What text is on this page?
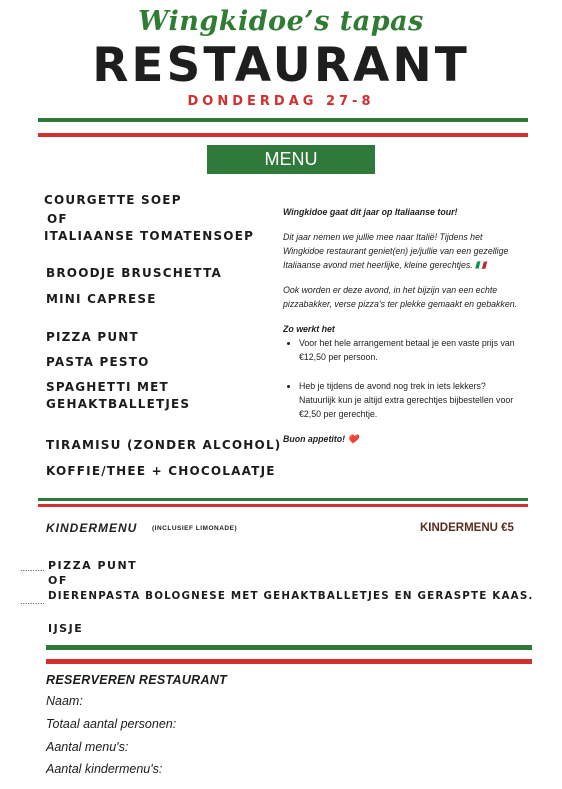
Wingkidoe’s tapas
RESTAURANT
DONDERDAG 27-8
MENU
COURGETTE SOEP
OF
ITALIAANSE TOMATENSOEP
BROODJE BRUSCHETTA
MINI CAPRESE
PIZZA PUNT
PASTA PESTO
SPAGHETTI MET
GEHAKTBALLETJES
TIRAMISU (ZONDER ALCOHOL)
KOFFIE/THEE + CHOCOLAATJE
Wingkidoe gaat dit jaar op Italiaanse tour!
Dit jaar nemen we jullie mee naar Italië! Tijdens het
Wingkidoe restaurant geniet(en) je/jullie van een gezellige
Italiaanse avond met heerlijke, kleine gerechtjes. 🇮🇹
Ook worden er deze avond, in het bijzijn van een echte
pizzabakker, verse pizza’s ter plekke gemaakt en gebakken.
Zo werkt het
• Voor het hele arrangement betaal je een vaste prijs van
€12,50 per persoon.
• Heb je tijdens de avond nog trek in iets lekkers?
Natuurlijk kun je altijd extra gerechtjes bijbestellen voor
€2,50 per gerechtje.
Buon appetito! ❤️
KINDERMENU (INCLUSIEF LIMONADE)	KINDERMENU €5
.......... PIZZA PUNT
OF
.......... DIERENPASTA BOLOGNESE MET GEHAKTBALLETJES EN GERASPTE KAAS.
IJSJE
RESERVEREN RESTAURANT
Naam:
Totaal aantal personen:
Aantal menu's:
Aantal kindermenu's:
